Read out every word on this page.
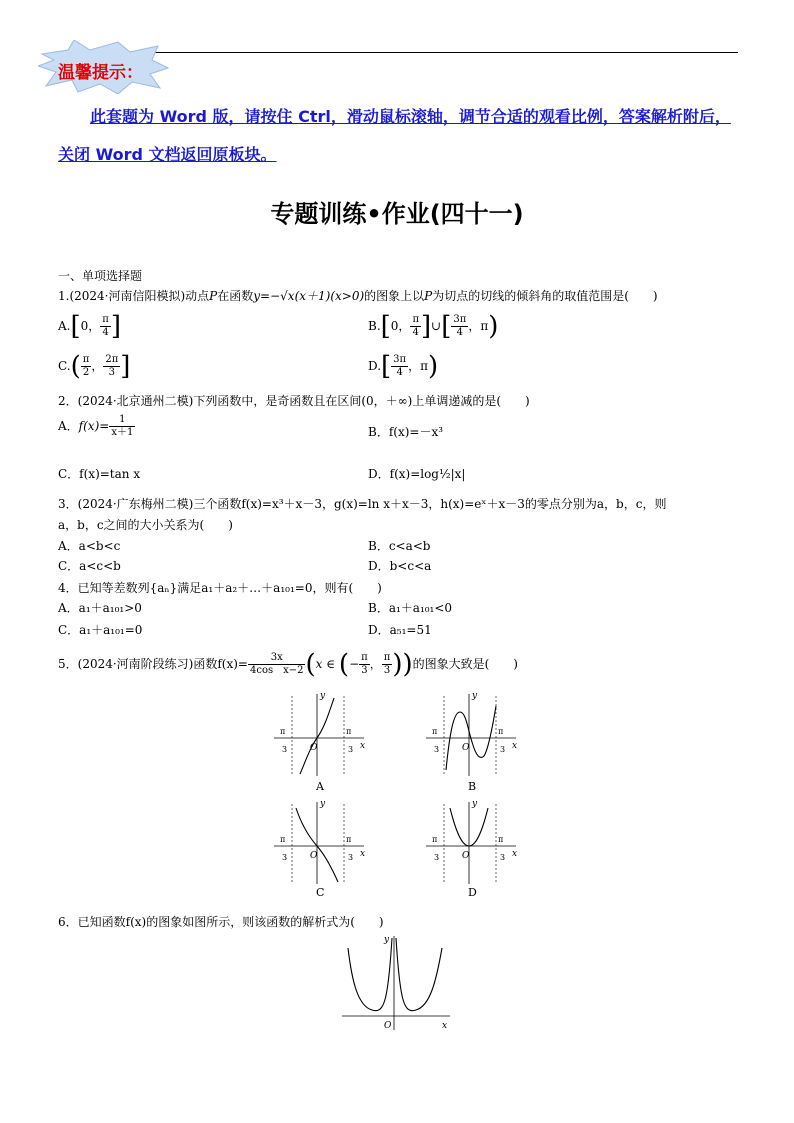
温馨提示：
此套题为 Word 版，请按住 Ctrl，滑动鼠标滚轴，调节合适的观看比例，答案解析附后，关闭 Word 文档返回原板块。
专题训练•作业(四十一)
一、单项选择题
1.(2024·河南信阳模拟)动点P在函数y=−√x(x＋1)(x>0)的图象上以P为切点的切线的倾斜角的取值范围是(　　)
A.[0， $\frac{\pi}{4}$ ]	B.[0， $\frac{\pi}{4}$ ]∪[ $\frac{3\pi}{4}$ ，π)
$C.( \frac{\pi}{2}$ ， $\frac{2\pi}{3}$ ]	$D.[ \frac{3\pi}{4}$ ，π)
2．(2024·北京通州二模)下列函数中，是奇函数且在区间(0，＋∞)上单调递减的是(　　)
A．$f(x)= \frac{1}{x+1}$	B．f(x)=－x³
C．f(x)=tan x	D．f(x)=log½|x|
3．(2024·广东梅州二模)三个函数f(x)=x³＋x－3，g(x)=ln x＋x－3，h(x)=eˣ＋x－3的零点分别为a，b，c，则
a，b，c之间的大小关系为(　　)
A．a<b<c	B．c<a<b
C．a<c<b	D．b<c<a
4．已知等差数列{aₙ}满足a₁＋a₂＋…＋a₁₀₁=0，则有(　　)
A．a₁＋a₁₀₁>0	B．a₁＋a₁₀₁<0
C．a₁＋a₁₀₁=0	D．a₅₁=51
5．(2024·河南阶段练习)函数$f(x)= \frac{3x}{\text{4cos　x−2}} (x$ ∈ (− $\frac{\pi}{3}$ ， $\frac{\pi}{3}$ ))的图象大致是(　　)
y
x
O
π
3
π
3
A
y
x
O
π
3
π
3
B
y
x
O
π
3
π
3
C
y
x
O
π
3
π
3
D
6．已知函数f(x)的图象如图所示，则该函数的解析式为(　　)
y
x
O
